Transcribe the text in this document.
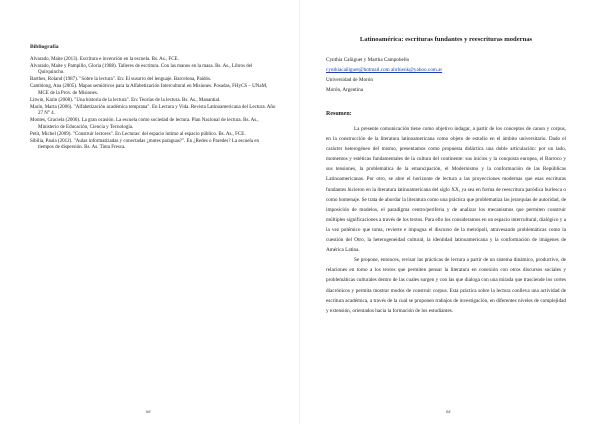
Bibliografía
Alvarado, Maite (2013). Escritura e invención en la escuela. Bs. As., FCE.
Alvarado, Maite y Pampillo, Gloria (1988). Talleres de escritura. Con las manos en la masa. Bs. As., Libros del Quirquincho.
Barthes, Roland (1987). "Sobre la lectura". En: El susurro del lenguaje. Barcelona, Paidós.
Camblong, Ana (2005). Mapas semióticos para la Alfabetización Intercultural en Misiones. Posadas, FHyCS – UNaM, MCE de la Prov. de Misiones.
Litwin, Karin (2008). "Una historia de la lectura". En: Teorías de la lectura. Bs. As., Manantial.
Marín, Marta (2006). "Alfabetización académica temprana". En Lectura y Vida. Revista Latinoamericana del Lectura. Año 27 N° 4.
Montes, Graciela (2006). La gran ocasión. La escuela como sociedad de lectura. Plan Nacional de lectura. Bs. As., Ministerio de Educación, Ciencia y Tecnología.
Petit, Michel (2009). "Construir lectores". En Lecturas: del espacio íntimo al espacio público. Bs. As., FCE.
Sibilia, Paula (2012). "Aulas informatizadas y conectadas ¿mutes paraguas?". En ¿Redes o Paredes? La escuela en tiempos de dispersión. Bs. As. Tinta Fresca.
##
Latinoamérica: escrituras fundantes y reescrituras modernas

Cynthia Cañiguet y Martha Campobello

cynthiacañiguet@hotmail.com ahrbienk@yahoo.com.ar

Universidad de Morón

Morón, Argentina

Resumen:

La presente comunicación tiene como objetivo indagar, a partir de los conceptos de canon y corpus, en la construcción de la literatura latinoamericana como objeto de estudio en el ámbito universitario. Dado el carácter heterogéneo del mismo, presentamos como propuesta didáctica una doble articulación: por un lado, momentos y estéticas fundamentales de la cultura del continente: sus inicios y la conquista europea, el Barroco y sus tensiones, la problemática de la emancipación, el Modernismo y la conformación de las Repúblicas Latinoamericanas. Por otro, se abre el horizonte de lectura a las proyecciones modernas que esas escrituras fundantes hicieron en la literatura latinoamericana del siglo XX, ya sea en forma de reescritura paródica burlesca o como homenaje. Se trata de abordar la literatura como una práctica que problematiza las jerarquías de autoridad, de imposición de modelos, el paradigma centro/periferia y de analizar los mecanismos que permiten construir múltiples significaciones a través de los textos. Para ello los consideramos en un espacio intercultural, dialógico y a la vez polémico que toma, revierte e impugna el discurso de la metrópoli, atravesando problemáticas como la cuestión del Otro, la heterogeneidad cultural, la identidad latinoamericana y la conformación de imágenes de América Latina.

Se propone, entonces, revisar las prácticas de lectura a partir de un sistema dinámico, productivo, de relaciones en torno a los textos que permiten pensar la literatura en conexión con otros discursos sociales y problemáticas culturales dentro de las cuales surgen y con las que dialoga con una mirada que trasciende los cortes diacrónicos y permita mostrar modos de construir corpus. Esta práctica sobre la lectura conlleva una actividad de escritura académica, a través de la cual se proponen trabajos de investigación, en diferentes niveles de complejidad y extensión, orientados hacia la formación de los estudiantes.

##
